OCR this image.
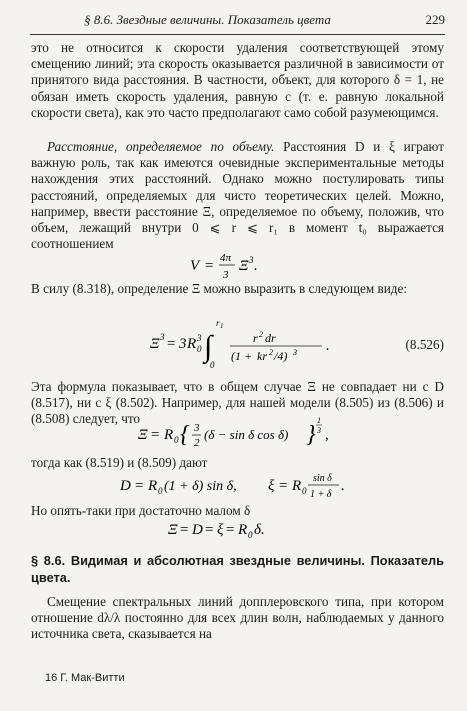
§ 8.6. Звездные величины. Показатель цвета	229

это не относится к скорости удаления соответствующей этому смещению линий; эта скорость оказывается различной в зависимости от принятого вида расстояния. В частности, объект, для которого δ = 1, не обязан иметь скорость удаления, равную c (т. е. равную локальной скорости света), как это часто предполагают само собой разумеющимся.

Расстояние, определяемое по объему. Расстояния D и ξ играют важную роль, так как имеются очевидные экспериментальные методы нахождения этих расстояний. Однако можно постулировать типы расстояний, определяемых для чисто теоретических целей. Можно, например, ввести расстояние Ξ, определяемое по объему, положив, что объем, лежащий внутри 0 ⩽ r ⩽ r₁ в момент t₀ выражается соотношением

V = 4π
3
Ξ 3 .

В силу (8.318), определение Ξ можно выразить в следующем виде:

Ξ 3 = 3 R 0
3 ∫
r 1
0
r 2 dr
(1 + kr 2 /4) 3 .	(8.526)

Эта формула показывает, что в общем случае Ξ не совпадает ни с D (8.517), ни с ξ (8.502). Например, для нашей модели (8.505) из (8.506) и (8.508) следует, что

Ξ = R 0 { 3
2
(δ − sin δ cos δ) }
1
3 ,

тогда как (8.519) и (8.509) дают

D = R 0 (1 + δ) sin δ, ξ = R 0
sin δ
1 + δ
.

Но опять-таки при достаточно малом δ

Ξ = D = ξ = R 0 δ.

§ 8.6. Видимая и абсолютная звездные величины. Показатель цвета.

Смещение спектральных линий допплеровского типа, при котором отношение dλ/λ постоянно для всех длин волн, наблюдаемых у данного источника света, сказывается на

16 Г. Мак-Витти
